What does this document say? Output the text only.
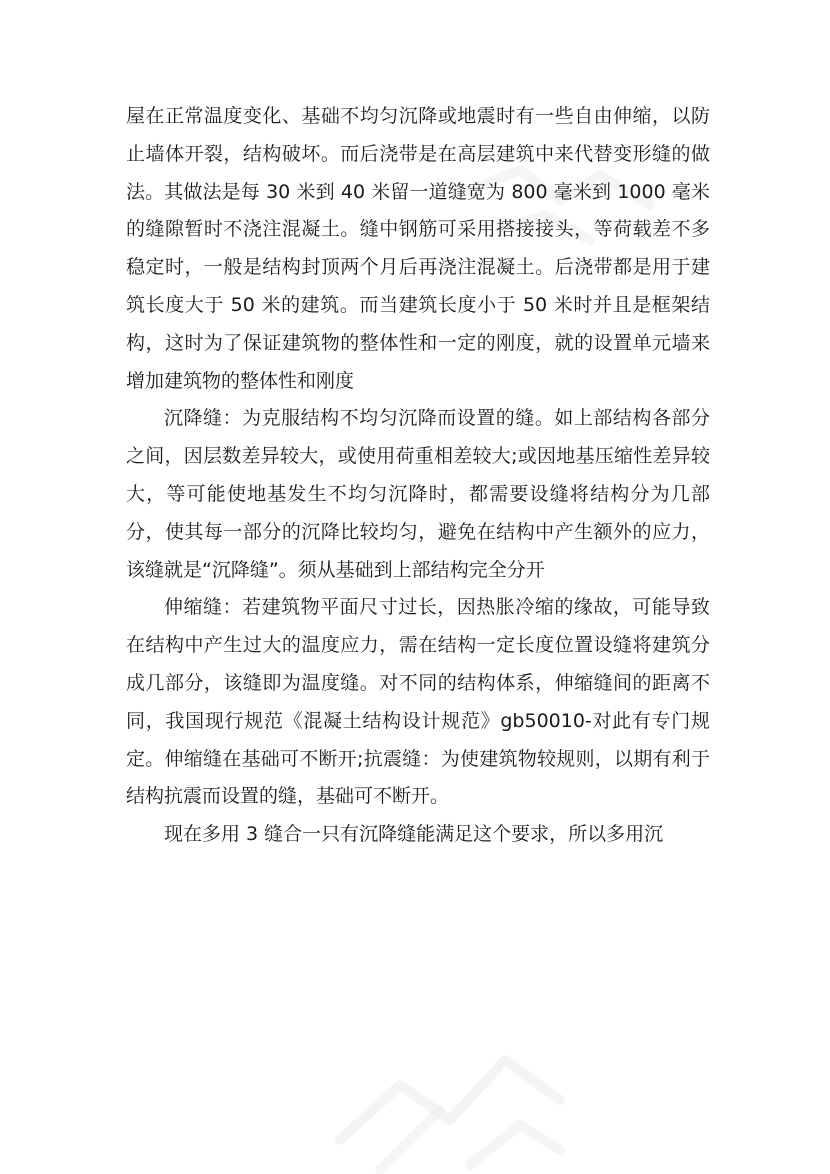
屋在正常温度变化、基础不均匀沉降或地震时有一些自由伸缩，以防止墙体开裂，结构破坏。而后浇带是在高层建筑中来代替变形缝的做法。其做法是每 30 米到 40 米留一道缝宽为 800 毫米到 1000 毫米的缝隙暂时不浇注混凝土。缝中钢筋可采用搭接接头，等荷载差不多稳定时，一般是结构封顶两个月后再浇注混凝土。后浇带都是用于建筑长度大于 50 米的建筑。而当建筑长度小于 50 米时并且是框架结构，这时为了保证建筑物的整体性和一定的刚度，就的设置单元墙来增加建筑物的整体性和刚度

沉降缝：为克服结构不均匀沉降而设置的缝。如上部结构各部分之间，因层数差异较大，或使用荷重相差较大;或因地基压缩性差异较大，等可能使地基发生不均匀沉降时，都需要设缝将结构分为几部分，使其每一部分的沉降比较均匀，避免在结构中产生额外的应力，该缝就是“沉降缝”。须从基础到上部结构完全分开

伸缩缝：若建筑物平面尺寸过长，因热胀冷缩的缘故，可能导致在结构中产生过大的温度应力，需在结构一定长度位置设缝将建筑分成几部分，该缝即为温度缝。对不同的结构体系，伸缩缝间的距离不同，我国现行规范《混凝土结构设计规范》gb50010-对此有专门规定。伸缩缝在基础可不断开;抗震缝：为使建筑物较规则，以期有利于结构抗震而设置的缝，基础可不断开。

现在多用 3 缝合一只有沉降缝能满足这个要求，所以多用沉
